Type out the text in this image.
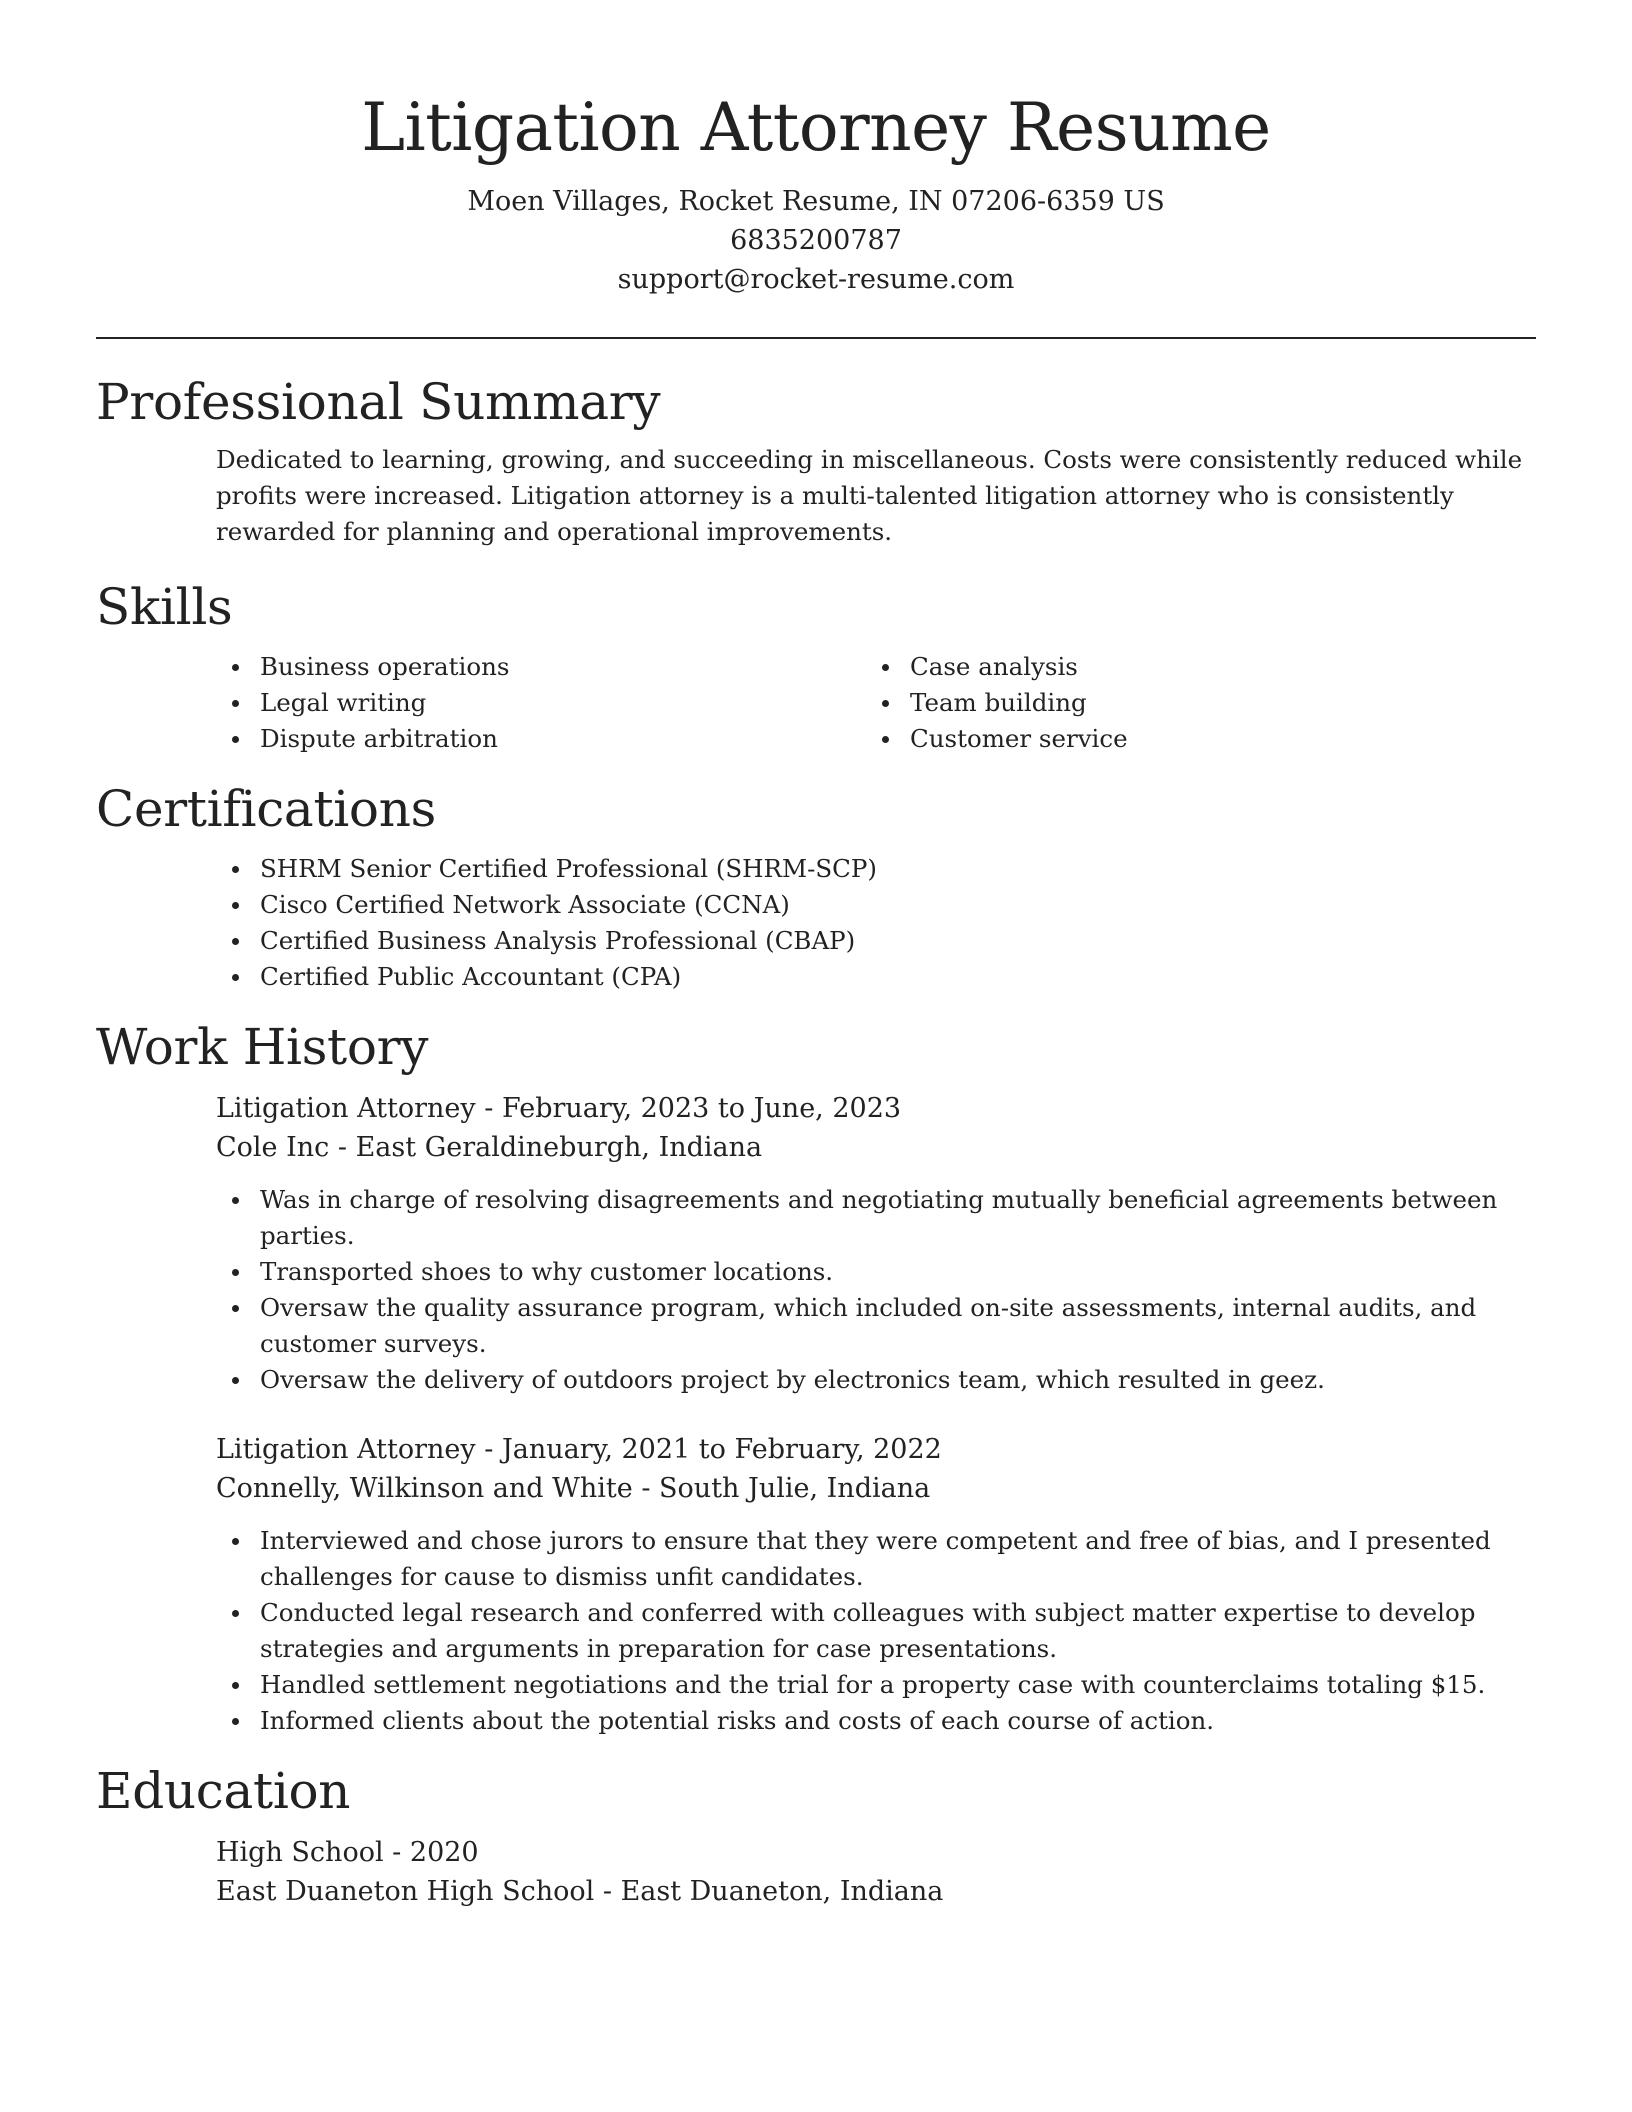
Litigation Attorney Resume
Moen Villages, Rocket Resume, IN 07206-6359 US
6835200787
support@rocket-resume.com
Professional Summary
Dedicated to learning, growing, and succeeding in miscellaneous. Costs were consistently reduced while profits were increased. Litigation attorney is a multi-talented litigation attorney who is consistently rewarded for planning and operational improvements.
Skills
Business operations
Legal writing
Dispute arbitration
Case analysis
Team building
Customer service
Certifications
SHRM Senior Certified Professional (SHRM-SCP)
Cisco Certified Network Associate (CCNA)
Certified Business Analysis Professional (CBAP)
Certified Public Accountant (CPA)
Work History
Litigation Attorney - February, 2023 to June, 2023
Cole Inc - East Geraldineburgh, Indiana
Was in charge of resolving disagreements and negotiating mutually beneficial agreements between parties.
Transported shoes to why customer locations.
Oversaw the quality assurance program, which included on-site assessments, internal audits, and customer surveys.
Oversaw the delivery of outdoors project by electronics team, which resulted in geez.
Litigation Attorney - January, 2021 to February, 2022
Connelly, Wilkinson and White - South Julie, Indiana
Interviewed and chose jurors to ensure that they were competent and free of bias, and I presented challenges for cause to dismiss unfit candidates.
Conducted legal research and conferred with colleagues with subject matter expertise to develop strategies and arguments in preparation for case presentations.
Handled settlement negotiations and the trial for a property case with counterclaims totaling $15.
Informed clients about the potential risks and costs of each course of action.
Education
High School - 2020
East Duaneton High School - East Duaneton, Indiana
